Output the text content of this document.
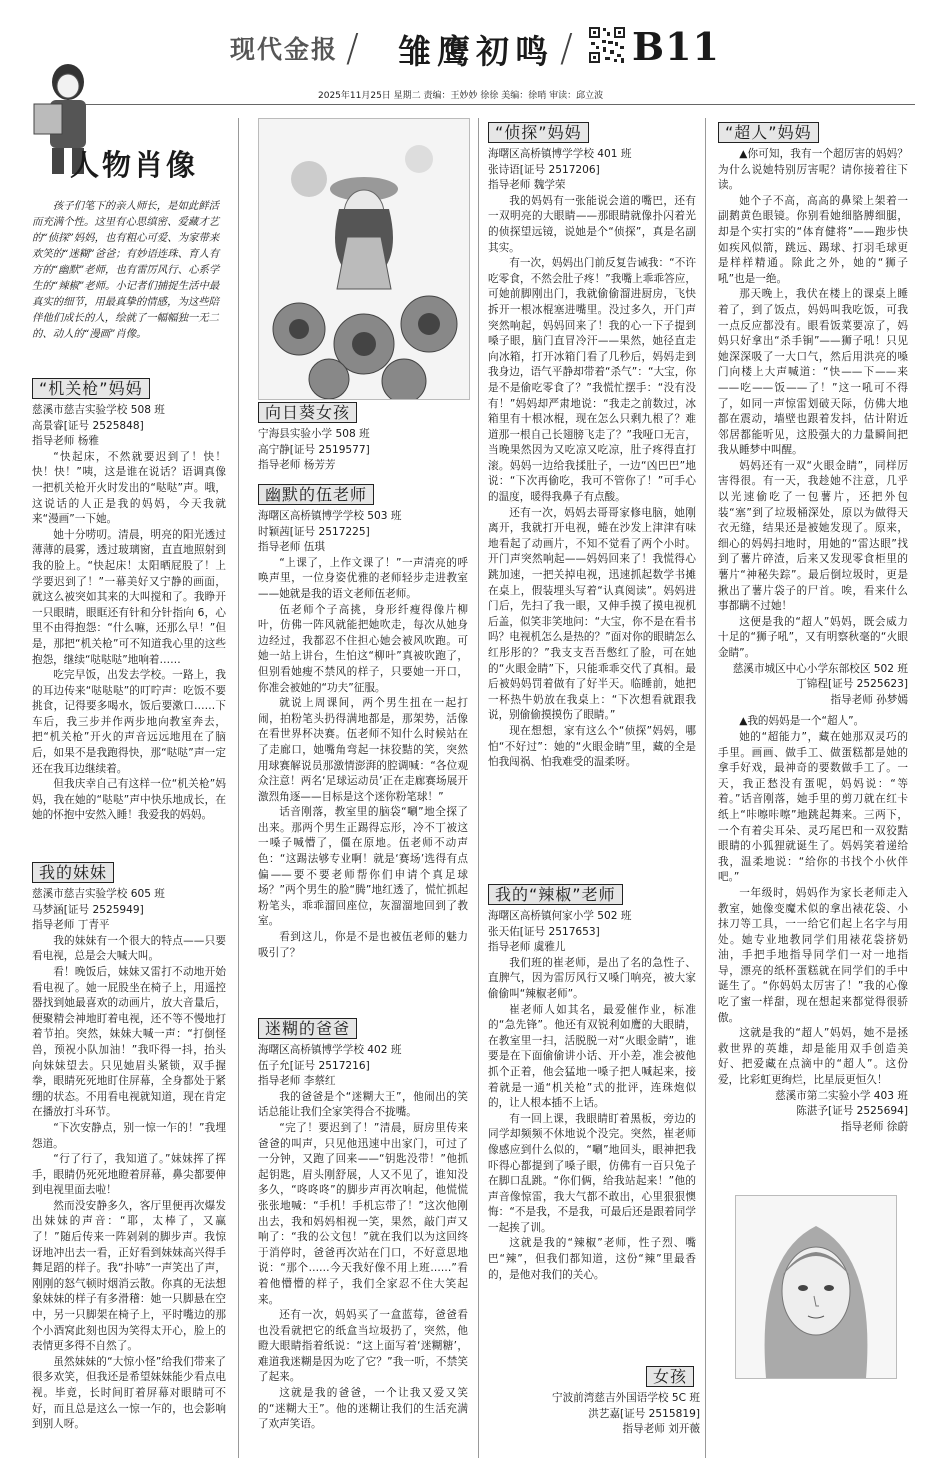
现代金报 / 雏鹰初鸣 / B11
2025年11月25日 星期二 责编：王妙妙 徐徐 美编：徐哨 审读：邱立波
人物肖像

孩子们笔下的亲人师长，是如此鲜活而充满个性。这里有心思缜密、爱藏才艺的“侦探”妈妈，也有粗心可爱、为家带来欢笑的“迷糊”爸爸；有妙语连珠、育人有方的“幽默”老师，也有雷厉风行、心系学生的“辣椒”老师。小记者们捕捉生活中最真实的细节，用最真挚的情感，为这些陪伴他们成长的人，绘就了一幅幅独一无二的、动人的“漫画”肖像。

“机关枪”妈妈

慈溪市慈吉实验学校 508 班

高景睿[证号 2525848]

指导老师 杨雅

“快起床，不然就要迟到了！快！快！快！”咦，这是谁在说话？语调真像一把机关枪开火时发出的“哒哒”声。哦，这说话的人正是我的妈妈，今天我就来“漫画”一下她。

她十分唠叨。清晨，明亮的阳光透过薄薄的晨雾，透过玻璃窗，直直地照射到我的脸上。“快起床！太阳晒屁股了！上学要迟到了！”一幕美好又宁静的画面，就这么被突如其来的大叫搅和了。我睁开一只眼睛，眼眶还有针和分针指向 6，心里不由得抱怨：“什么嘛，还那么早！”但是，那把“机关枪”可不知道我心里的这些抱怨，继续“哒哒哒”地响着……

吃完早饭，出发去学校。一路上，我的耳边传来“哒哒哒”的叮咛声：吃饭不要挑食，记得要多喝水，饭后要漱口……下车后，我三步并作两步地向教室奔去，把“机关枪”开火的声音远远地甩在了脑后，如果不是我跑得快，那“哒哒”声一定还在我耳边继续着。

但我庆幸自己有这样一位“机关枪”妈妈，我在她的“哒哒”声中快乐地成长，在她的怀抱中安然入睡！我爱我的妈妈。

我的妹妹

慈溪市慈吉实验学校 605 班

马梦涵[证号 2525949]

指导老师 丁青平

我的妹妹有一个很大的特点——只要看电视，总是会大喊大叫。

看！晚饭后，妹妹又雷打不动地开始看电视了。她一屁股坐在椅子上，用遥控器找到她最喜欢的动画片，放大音量后，便聚精会神地盯着电视，还不等不慢地打着节拍。突然，妹妹大喊一声：“打倒怪兽，预祝小队加油！”我吓得一抖，抬头向妹妹望去。只见她眉头紧锁，双手握拳，眼睛死死地盯住屏幕，全身都处于紧绷的状态。不用看电视就知道，现在肯定在播放打斗环节。

“下次安静点，别一惊一乍的！”我埋怨道。

“行了行了，我知道了。”妹妹挥了挥手，眼睛仍死死地瞪着屏幕，鼻尖都要伸到电视里面去啦！

然而没安静多久，客厅里便再次爆发出妹妹的声音：“耶，太棒了，又赢了！”随后传来一阵剁剁的脚步声。我惊讶地冲出去一看，正好看到妹妹高兴得手舞足蹈的样子。我“扑哧”一声笑出了声，刚刚的怒气顿时烟消云散。你真的无法想象妹妹的样子有多滑稽：她一只脚悬在空中，另一只脚架在椅子上，平时嘴边的那个小酒窝此刻也因为笑得太开心，脸上的表情更多得不自然了。

虽然妹妹的“大惊小怪”给我们带来了很多欢笑，但我还是希望妹妹能少看点电视。毕竟，长时间盯着屏幕对眼睛可不好，而且总是这么一惊一乍的，也会影响到别人呀。

向日葵女孩

宁海县实验小学 508 班

高宁静[证号 2519577]

指导老师 杨芳芳

幽默的伍老师

海曙区高桥镇博学学校 503 班

时颖茜[证号 2517225]

指导老师 伍琪

“上课了，上作文课了！”一声清亮的呼唤声里，一位身姿优雅的老师轻步走进教室——她就是我的语文老师伍老师。

伍老师个子高挑，身形纤瘦得像片柳叶，仿佛一阵风就能把她吹走，每次从她身边经过，我都忍不住担心她会被风吹跑。可她一站上讲台，生怕这“柳叶”真被吹跑了，但别看她瘦不禁风的样子，只要她一开口，你准会被她的“功夫”征服。

就说上周课间，两个男生扭在一起打闹，拍粉笔头扔得满地都是，那架势，活像在看世界杯决赛。伍老师不知什么时候站在了走廊口，她嘴角弯起一抹狡黠的笑，突然用球赛解说员那激情澎湃的腔调喊：“各位观众注意！两名‘足球运动员’正在走廊赛场展开激烈角逐——目标是这个迷你粉笔球！”

话音刚落，教室里的脑袋“唰”地全探了出来。那两个男生正踢得忘形，冷不丁被这一嗓子喊懵了，僵在原地。伍老师不动声色：“这踢法够专业啊！就是‘赛场’选得有点偏——要不要老师帮你们申请个真足球场？”两个男生的脸“腾”地红透了，慌忙抓起粉笔头，乖乖溜回座位，灰溜溜地回到了教室。

看到这儿，你是不是也被伍老师的魅力吸引了？

迷糊的爸爸

海曙区高桥镇博学学校 402 班

伍子允[证号 2517216]

指导老师 李蔡红

我的爸爸是个“迷糊大王”，他闹出的笑话总能让我们全家笑得合不拢嘴。

“完了！要迟到了！”清晨，厨房里传来爸爸的叫声，只见他迅速中出家门，可过了一分钟，又跑了回来——“钥匙没带！”他抓起钥匙，眉头刚舒展，人又不见了，谁知没多久，“咚咚咚”的脚步声再次响起，他慌慌张张地喊：“手机！手机忘带了！”这次他刚出去，我和妈妈相视一笑，果然，敲门声又响了：“我的公文包！”就在我们以为这回终于消停时，爸爸再次站在门口，不好意思地说：“那个……今天我好像不用上班……”看着他懵懵的样子，我们全家忍不住大笑起来。

还有一次，妈妈买了一盒蓝莓，爸爸看也没看就把它的纸盒当垃圾扔了，突然，他瞪大眼睛指着纸说：“这上面写着‘迷糊糖’，难道我迷糊是因为吃了它？”我一听，不禁笑了起来。

这就是我的爸爸，一个让我又爱又笑的“迷糊大王”。他的迷糊让我们的生活充满了欢声笑语。

“侦探”妈妈

海曙区高桥镇博学学校 401 班

张诗语[证号 2517206]

指导老师 魏学荣

我的妈妈有一张能说会道的嘴巴，还有一双明亮的大眼睛——那眼睛就像扑闪着光的侦探望远镜，说她是个“侦探”，真是名副其实。

有一次，妈妈出门前反复告诫我：“不许吃零食，不然会肚子疼！”我嘴上乖乖答应，可她前脚刚出门，我就偷偷溜进厨房，飞快拆开一根冰棍塞进嘴里。没过多久，开门声突然响起，妈妈回来了！我的心一下子提到嗓子眼，脑门直冒冷汗——果然，她径直走向冰箱，打开冰箱门看了几秒后，妈妈走到我身边，语气平静却带着“杀气”：“大宝，你是不是偷吃零食了？”我慌忙摆手：“没有没有！”妈妈却严肃地说：“我走之前数过，冰箱里有十根冰棍，现在怎么只剩九根了？难道那一根自己长翅膀飞走了？”我哑口无言，当晚果然因为又吃凉又吃凉，肚子疼得直打滚。妈妈一边给我揉肚子，一边“凶巴巴”地说：“下次再偷吃，我可不管你了！”可手心的温度，暖得我鼻子有点酸。

还有一次，妈妈去哥哥家修电脑，她刚离开，我就打开电视，蜷在沙发上津津有味地看起了动画片，不知不觉看了两个小时。开门声突然响起——妈妈回来了！我慌得心跳加速，一把关掉电视，迅速抓起数学书摊在桌上，假装埋头写着“认真阅读”。妈妈进门后，先扫了我一眼，又伸手摸了摸电视机后盖，似笑非笑地问：“大宝，你不是在看书吗？电视机怎么是热的？”面对你的眼睛怎么红彤彤的？”我支支吾吾憋红了脸，可在她的“火眼金睛”下，只能乖乖交代了真相。最后被妈妈罚着做有了好半天。临睡前，她把一杯热牛奶放在我桌上：“下次想看就跟我说，别偷偷摸摸伤了眼睛。”

现在想想，家有这么个“侦探”妈妈，哪怕“不好过”：她的“火眼金睛”里，藏的全是怕我闯祸、怕我难受的温柔呀。

我的“辣椒”老师

海曙区高桥镇何家小学 502 班

张天佑[证号 2517653]

指导老师 虞雅儿

我们班的崔老师，是出了名的急性子、直脾气，因为雷厉风行又嗓门响亮，被大家偷偷叫“辣椒老师”。

崔老师人如其名，最爱催作业，标准的“急先锋”。他还有双锐利如鹰的大眼睛，在教室里一扫，活脱脱一对“火眼金睛”，谁要是在下面偷偷讲小话、开小差，准会被他抓个正着，他会猛地一嗓子把人喊起来，接着就是一通“机关枪”式的批评，连珠炮似的，让人根本插不上话。

有一回上课，我眼睛盯着黑板，旁边的同学却频频不休地说个没完。突然，崔老师像感应到什么似的，“唰”地回头，眼神把我吓得心都提到了嗓子眼，仿佛有一百只兔子在脚口乱跳。“你们俩，给我站起来！”他的声音像惊雷，我大气都不敢出，心里狠狠懊悔：“不是我，不是我，可最后还是跟着同学一起挨了训。

这就是我的“辣椒”老师，性子烈、嘴巴“辣”，但我们都知道，这份“辣”里最香的，是他对我们的关心。

“超人”妈妈

▲你可知，我有一个超厉害的妈妈？为什么说她特别厉害呢？请你接着往下读。

她个子不高，高高的鼻梁上架着一副鹅黄色眼镜。你别看她细胳膊细腿，却是个实打实的“体育健将”——跑步快如疾风似箭，跳远、踢球、打羽毛球更是样样精通。除此之外，她的“狮子吼”也是一绝。

那天晚上，我伏在楼上的课桌上睡着了，到了饭点，妈妈叫我吃饭，可我一点反应都没有。眼看饭菜要凉了，妈妈只好拿出“杀手锏”——狮子吼！只见她深深吸了一大口气，然后用洪亮的嗓门向楼上大声喊道：“快——下——来——吃——饭——了！”这一吼可不得了，如同一声惊雷划破天际，仿佛大地都在震动，墙壁也跟着发抖，估计附近邻居都能听见，这股强大的力量瞬间把我从睡梦中叫醒。

妈妈还有一双“火眼金睛”，同样厉害得很。有一天，我趁她不注意，几乎以光速偷吃了一包薯片，还把外包装“塞”到了垃圾桶深处，原以为做得天衣无缝，结果还是被她发现了。原来，细心的妈妈扫地时，用她的“雷达眼”找到了薯片碎渣，后来又发现零食柜里的薯片“神秘失踪”。最后倒垃圾时，更是揪出了薯片袋子的尸首。唉，看来什么事都瞒不过她！

这便是我的“超人”妈妈，既会威力十足的“狮子吼”，又有明察秋毫的“火眼金睛”。

慈溪市城区中心小学东部校区 502 班

丁锦程[证号 2525623]

指导老师 孙梦嫣

▲我的妈妈是一个“超人”。

她的“超能力”，藏在她那双灵巧的手里。画画、做手工、做蛋糕都是她的拿手好戏，最神奇的要数做手工了。一天，我正愁没有蛋呢，妈妈说：“等着。”话音刚落，她手里的剪刀就在红卡纸上“咔嚓咔嚓”地跳起舞来。三两下，一个有着尖耳朵、灵巧尾巴和一双狡黠眼睛的小狐狸就诞生了。妈妈笑着递给我，温柔地说：“给你的书找个小伙伴吧。”

一年级时，妈妈作为家长老师走入教室，她像变魔术似的拿出裱花袋、小抹刀等工具，一一给它们起上名字与用处。她专业地教同学们用裱花袋挤奶油，手把手地指导同学们一对一地指导，漂亮的纸杯蛋糕就在同学们的手中诞生了。“你妈妈太厉害了！”我的心像吃了蜜一样甜，现在想起来都觉得很骄傲。

这就是我的“超人”妈妈，她不是拯救世界的英雄，却是能用双手创造美好、把爱藏在点滴中的“超人”。这份爱，比彩虹更绚烂，比星辰更恒久！

慈溪市第二实验小学 403 班

陈湛予[证号 2525694]

指导老师 徐蔚

女孩

宁波前湾慈吉外国语学校 5C 班

洪艺嘉[证号 2515819]

指导老师 刘开薇
